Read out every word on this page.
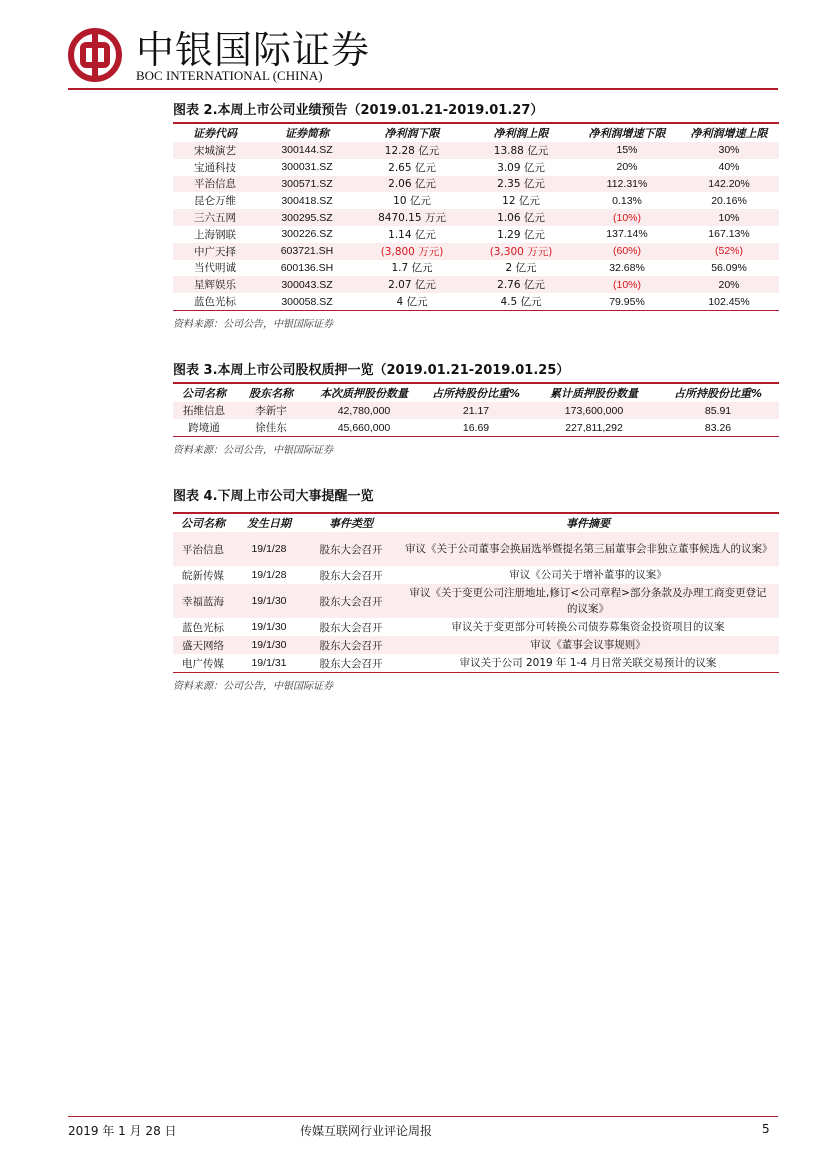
中银国际证券
BOC INTERNATIONAL (CHINA)
图表 2.本周上市公司业绩预告（2019.01.21-2019.01.27）
证券代码	证券简称	净利润下限	净利润上限	净利润增速下限	净利润增速上限
宋城演艺	300144.SZ	12.28 亿元	13.88 亿元	15%	30%
宝通科技	300031.SZ	2.65 亿元	3.09 亿元	20%	40%
平治信息	300571.SZ	2.06 亿元	2.35 亿元	112.31%	142.20%
昆仑万维	300418.SZ	10 亿元	12 亿元	0.13%	20.16%
三六五网	300295.SZ	8470.15 万元	1.06 亿元	(10%)	10%
上海钢联	300226.SZ	1.14 亿元	1.29 亿元	137.14%	167.13%
中广天择	603721.SH	(3,800 万元)	(3,300 万元)	(60%)	(52%)
当代明诚	600136.SH	1.7 亿元	2 亿元	32.68%	56.09%
星辉娱乐	300043.SZ	2.07 亿元	2.76 亿元	(10%)	20%
蓝色光标	300058.SZ	4 亿元	4.5 亿元	79.95%	102.45%
资料来源：公司公告，中银国际证券
图表 3.本周上市公司股权质押一览（2019.01.21-2019.01.25）
公司名称	股东名称	本次质押股份数量	占所持股份比重%	累计质押股份数量	占所持股份比重%
拓维信息	李新宇	42,780,000	21.17	173,600,000	85.91
跨境通	徐佳东	45,660,000	16.69	227,811,292	83.26
资料来源：公司公告，中银国际证券
图表 4.下周上市公司大事提醒一览
公司名称	发生日期	事件类型	事件摘要
平治信息	19/1/28	股东大会召开	审议《关于公司董事会换届选举暨提名第三届董事会非独立董事候选人的议案》
皖新传媒	19/1/28	股东大会召开	审议《公司关于增补董事的议案》
幸福蓝海	19/1/30	股东大会召开	审议《关于变更公司注册地址,修订<公司章程>部分条款及办理工商变更登记的议案》
蓝色光标	19/1/30	股东大会召开	审议关于变更部分可转换公司债券募集资金投资项目的议案
盛天网络	19/1/30	股东大会召开	审议《董事会议事规则》
电广传媒	19/1/31	股东大会召开	审议关于公司 2019 年 1-4 月日常关联交易预计的议案
资料来源：公司公告，中银国际证券
2019 年 1 月 28 日	传媒互联网行业评论周报	5
